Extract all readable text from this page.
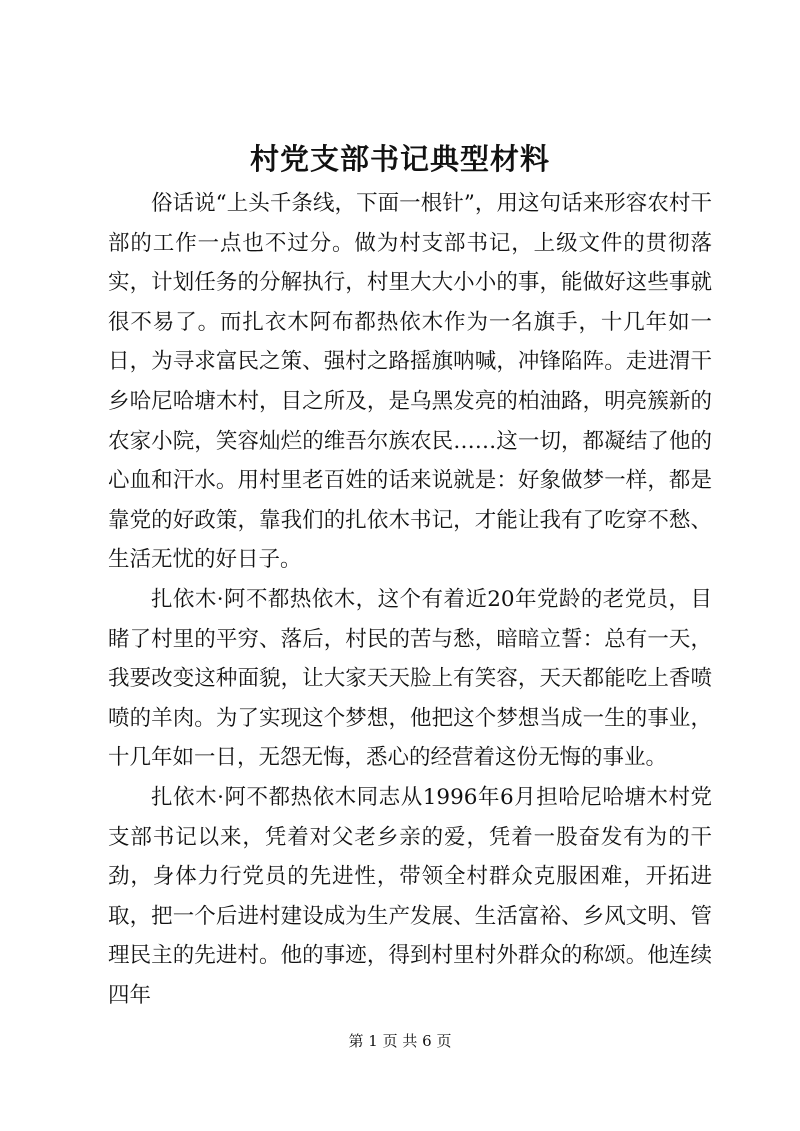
村党支部书记典型材料

俗话说“上头千条线，下面一根针”，用这句话来形容农村干部的工作一点也不过分。做为村支部书记，上级文件的贯彻落实，计划任务的分解执行，村里大大小小的事，能做好这些事就很不易了。而扎衣木阿布都热依木作为一名旗手，十几年如一日，为寻求富民之策、强村之路摇旗呐喊，冲锋陷阵。走进渭干乡哈尼哈塘木村，目之所及，是乌黑发亮的柏油路，明亮簇新的农家小院，笑容灿烂的维吾尔族农民……这一切，都凝结了他的心血和汗水。用村里老百姓的话来说就是：好象做梦一样，都是靠党的好政策，靠我们的扎依木书记，才能让我有了吃穿不愁、生活无忧的好日子。

扎依木·阿不都热依木，这个有着近20年党龄的老党员，目睹了村里的平穷、落后，村民的苦与愁，暗暗立誓：总有一天，我要改变这种面貌，让大家天天脸上有笑容，天天都能吃上香喷喷的羊肉。为了实现这个梦想，他把这个梦想当成一生的事业，十几年如一日，无怨无悔，悉心的经营着这份无悔的事业。

扎依木·阿不都热依木同志从1996年6月担哈尼哈塘木村党支部书记以来，凭着对父老乡亲的爱，凭着一股奋发有为的干劲，身体力行党员的先进性，带领全村群众克服困难，开拓进取，把一个后进村建设成为生产发展、生活富裕、乡风文明、管理民主的先进村。他的事迹，得到村里村外群众的称颂。他连续四年

第 1 页 共 6 页
